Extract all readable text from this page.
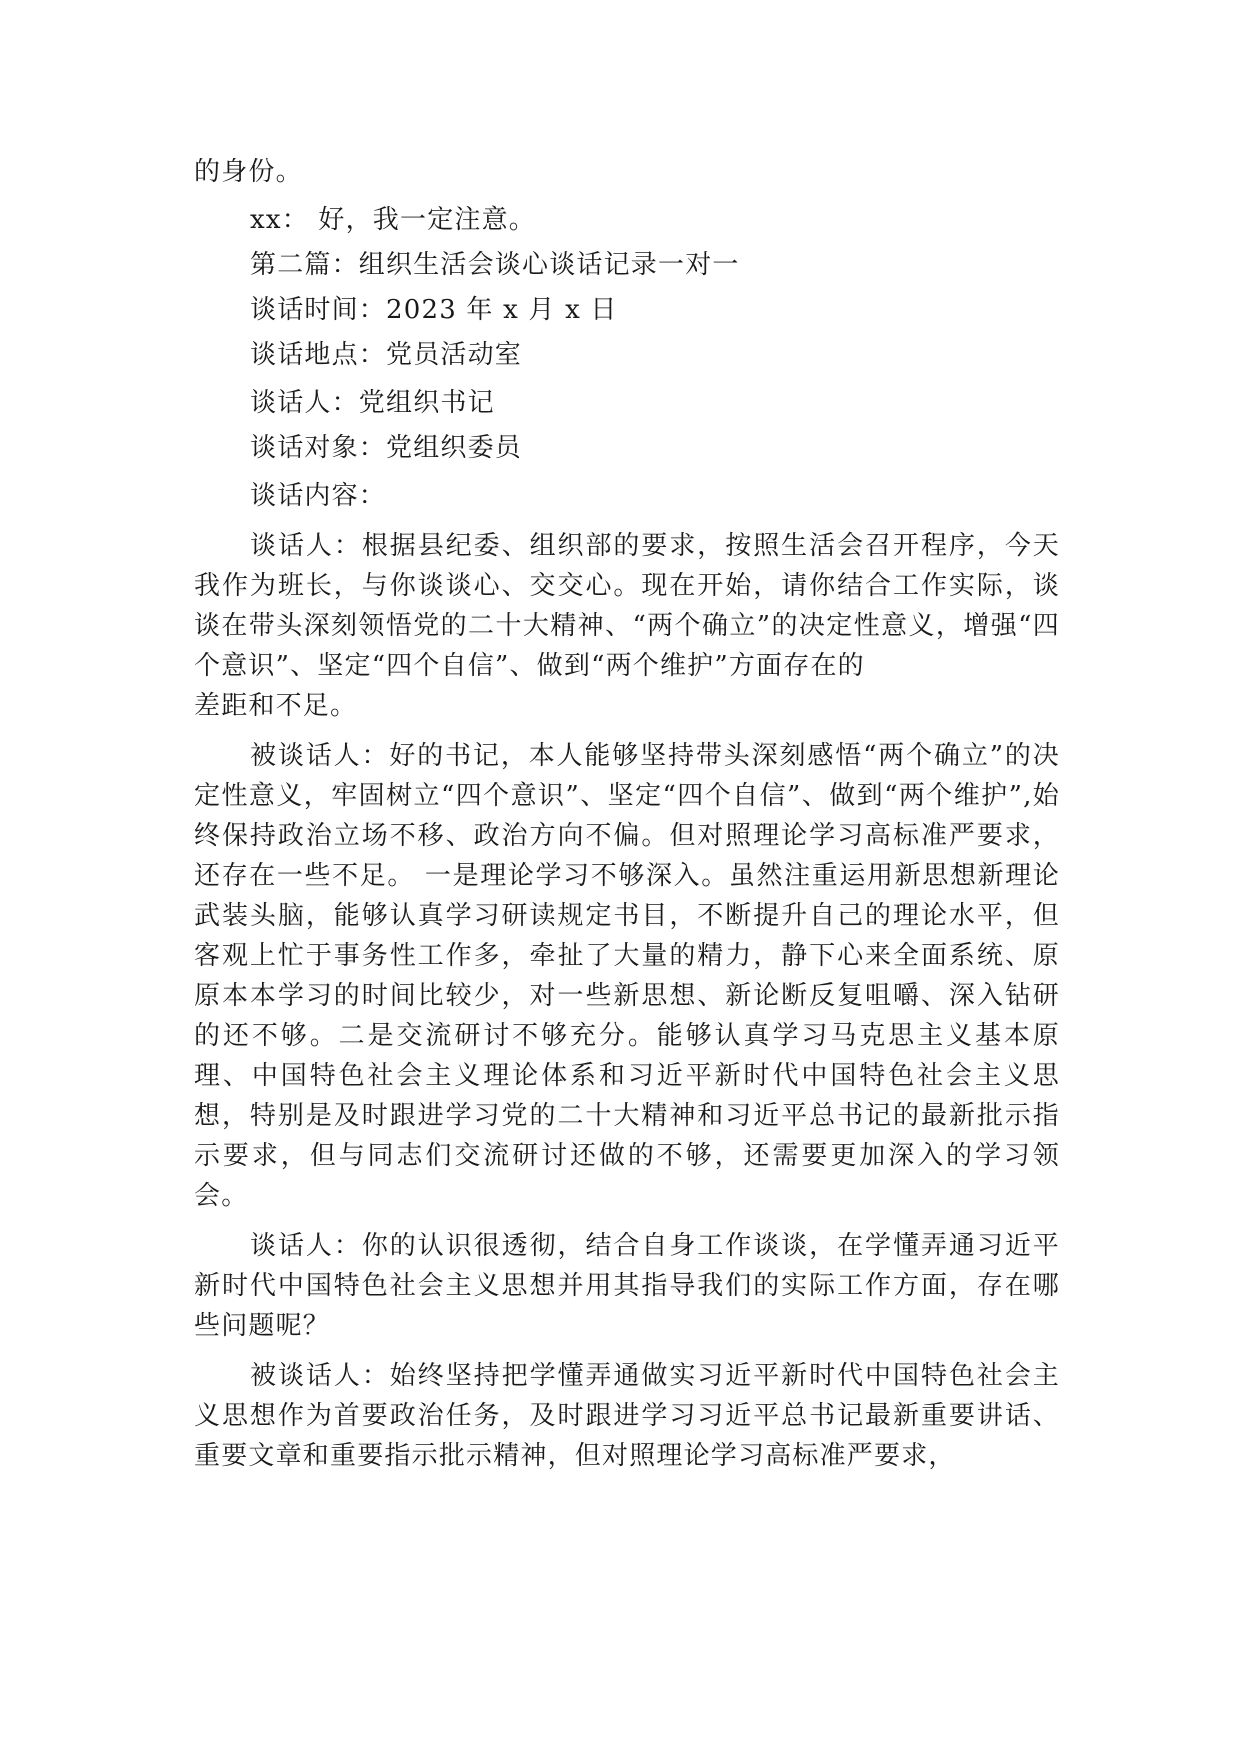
的身份。

xx： 好，我一定注意。

第二篇：组织生活会谈心谈话记录一对一

谈话时间：2023 年 x 月 x 日

谈话地点：党员活动室

谈话人：党组织书记

谈话对象：党组织委员

谈话内容：

谈话人：根据县纪委、组织部的要求，按照生活会召开程序，今天我作为班长，与你谈谈心、交交心。现在开始，请你结合工作实际，谈谈在带头深刻领悟党的二十大精神、“两个确立”的决定性意义，增强“四个意识”、坚定“四个自信”、做到“两个维护”方面存在的

差距和不足。

被谈话人：好的书记，本人能够坚持带头深刻感悟“两个确立”的决定性意义，牢固树立“四个意识”、坚定“四个自信”、做到“两个维护”,始终保持政治立场不移、政治方向不偏。但对照理论学习高标准严要求，还存在一些不足。 一是理论学习不够深入。虽然注重运用新思想新理论武装头脑，能够认真学习研读规定书目，不断提升自己的理论水平，但客观上忙于事务性工作多，牵扯了大量的精力，静下心来全面系统、原原本本学习的时间比较少，对一些新思想、新论断反复咀嚼、深入钻研的还不够。二是交流研讨不够充分。能够认真学习马克思主义基本原理、中国特色社会主义理论体系和习近平新时代中国特色社会主义思想，特别是及时跟进学习党的二十大精神和习近平总书记的最新批示指示要求，但与同志们交流研讨还做的不够，还需要更加深入的学习领会。

谈话人：你的认识很透彻，结合自身工作谈谈，在学懂弄通习近平新时代中国特色社会主义思想并用其指导我们的实际工作方面，存在哪些问题呢？

被谈话人：始终坚持把学懂弄通做实习近平新时代中国特色社会主义思想作为首要政治任务，及时跟进学习习近平总书记最新重要讲话、重要文章和重要指示批示精神，但对照理论学习高标准严要求，
